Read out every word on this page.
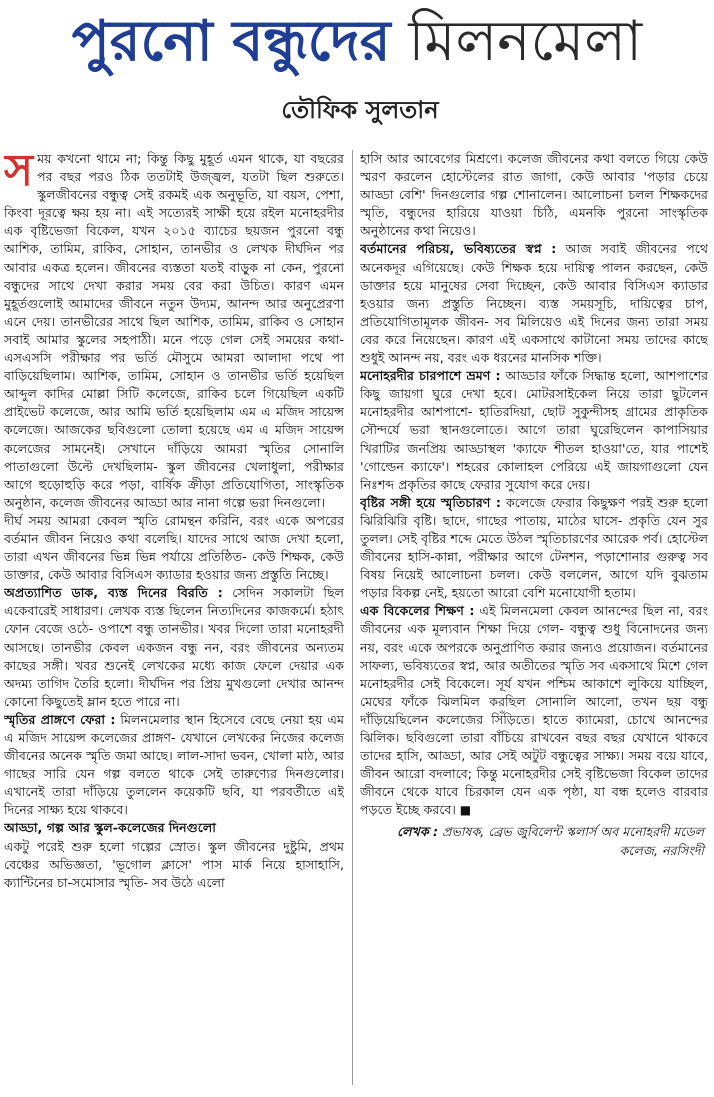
পুরনো বন্ধুদের মিলনমেলা
তৌফিক সুলতান

সময় কখনো থামে না; কিন্তু কিছু মুহূর্ত এমন থাকে, যা বছরের পর বছর পরও ঠিক ততটাই উজ্জ্বল, যতটা ছিল শুরুতে। স্কুলজীবনের বন্ধুত্ব সেই রকমই এক অনুভূতি, যা বয়স, পেশা, কিংবা দূরত্বে ক্ষয় হয় না। এই সত্যেরই সাক্ষী হয়ে রইল মনোহরদীর এক বৃষ্টিভেজা বিকেল, যখন ২০১৫ ব্যাচের ছয়জন পুরনো বন্ধু আশিক, তামিম, রাকিব, সোহান, তানভীর ও লেখক দীর্ঘদিন পর আবার একত্র হলেন। জীবনের ব্যস্ততা যতই বাড়ুক না কেন, পুরনো বন্ধুদের সাথে দেখা করার সময় বের করা উচিত। কারণ এমন মুহূর্তগুলোই আমাদের জীবনে নতুন উদ্যম, আনন্দ আর অনুপ্রেরণা এনে দেয়। তানভীরের সাথে ছিল আশিক, তামিম, রাকিব ও সোহান সবাই আমার স্কুলের সহপাঠী। মনে পড়ে গেল সেই সময়ের কথা- এসএসসি পরীক্ষার পর ভর্তি মৌসুমে আমরা আলাদা পথে পা বাড়িয়েছিলাম। আশিক, তামিম, সোহান ও তানভীর ভর্তি হয়েছিল আব্দুল কাদির মোল্লা সিটি কলেজে, রাকিব চলে গিয়েছিল একটি প্রাইভেট কলেজে, আর আমি ভর্তি হয়েছিলাম এম এ মজিদ সায়েন্স কলেজে। আজকের ছবিগুলো তোলা হয়েছে এম এ মজিদ সায়েন্স কলেজের সামনেই। সেখানে দাঁড়িয়ে আমরা স্মৃতির সোনালি পাতাগুলো উল্টে দেখছিলাম- স্কুল জীবনের খেলাধুলা, পরীক্ষার আগে হুড়োহুড়ি করে পড়া, বার্ষিক ক্রীড়া প্রতিযোগিতা, সাংস্কৃতিক অনুষ্ঠান, কলেজ জীবনের আড্ডা আর নানা গল্পে ভরা দিনগুলো।

দীর্ঘ সময় আমরা কেবল স্মৃতি রোমন্থন করিনি, বরং একে অপরের বর্তমান জীবন নিয়েও কথা বলেছি। যাদের সাথে আজ দেখা হলো, তারা এখন জীবনের ভিন্ন ভিন্ন পর্যায়ে প্রতিষ্ঠিত- কেউ শিক্ষক, কেউ ডাক্তার, কেউ আবার বিসিএস ক্যাডার হওয়ার জন্য প্রস্তুতি নিচ্ছে।

অপ্রত্যাশিত ডাক, ব্যস্ত দিনের বিরতি : সেদিন সকালটা ছিল একেবারেই সাধারণ। লেখক ব্যস্ত ছিলেন নিত্যদিনের কাজকর্মে। হঠাৎ ফোন বেজে ওঠে- ওপাশে বন্ধু তানভীর। খবর দিলো তারা মনোহরদী আসছে। তানভীর কেবল একজন বন্ধু নন, বরং জীবনের অন্যতম কাছের সঙ্গী। খবর শুনেই লেখকের মধ্যে কাজ ফেলে দেয়ার এক অদম্য তাগিদ তৈরি হলো। দীর্ঘদিন পর প্রিয় মুখগুলো দেখার আনন্দ কোনো কিছুতেই ম্লান হতে পারে না।

স্মৃতির প্রাঙ্গণে ফেরা : মিলনমেলার স্থান হিসেবে বেছে নেয়া হয় এম এ মজিদ সায়েন্স কলেজের প্রাঙ্গণ- যেখানে লেখকের নিজের কলেজ জীবনের অনেক স্মৃতি জমা আছে। লাল-সাদা ভবন, খোলা মাঠ, আর গাছের সারি যেন গল্প বলতে থাকে সেই তারুণ্যের দিনগুলোর। এখানেই তারা দাঁড়িয়ে তুললেন কয়েকটি ছবি, যা পরবর্তীতে এই দিনের সাক্ষ্য হয়ে থাকবে।

আড্ডা, গল্প আর স্কুল-কলেজের দিনগুলো

একটু পরেই শুরু হলো গল্পের স্রোত। স্কুল জীবনের দুষ্টুমি, প্রথম বেঞ্চের অভিজ্ঞতা, 'ভূগোল ক্লাসে' পাস মার্ক নিয়ে হাসাহাসি, ক্যান্টিনের চা-সমোসার স্মৃতি- সব উঠে এলো

হাসি আর আবেগের মিশ্রণে। কলেজ জীবনের কথা বলতে গিয়ে কেউ স্মরণ করলেন হোস্টেলের রাত জাগা, কেউ আবার 'পড়ার চেয়ে আড্ডা বেশি' দিনগুলোর গল্প শোনালেন। আলোচনা চলল শিক্ষকদের স্মৃতি, বন্ধুদের হারিয়ে যাওয়া চিঠি, এমনকি পুরনো সাংস্কৃতিক অনুষ্ঠানের কথা নিয়েও।

বর্তমানের পরিচয়, ভবিষ্যতের স্বপ্ন : আজ সবাই জীবনের পথে অনেকদূর এগিয়েছে। কেউ শিক্ষক হয়ে দায়িত্ব পালন করছেন, কেউ ডাক্তার হয়ে মানুষের সেবা দিচ্ছেন, কেউ আবার বিসিএস ক্যাডার হওয়ার জন্য প্রস্তুতি নিচ্ছেন। ব্যস্ত সময়সূচি, দায়িত্বের চাপ, প্রতিযোগিতামূলক জীবন- সব মিলিয়েও এই দিনের জন্য তারা সময় বের করে নিয়েছেন। কারণ এই একসাথে কাটানো সময় তাদের কাছে শুধুই আনন্দ নয়, বরং এক ধরনের মানসিক শক্তি।

মনোহরদীর চারপাশে ভ্রমণ : আড্ডার ফাঁকে সিদ্ধান্ত হলো, আশপাশের কিছু জায়গা ঘুরে দেখা হবে। মোটরসাইকেল নিয়ে তারা ছুটলেন মনোহরদীর আশপাশে- হাতিরদিয়া, ছোট সুকুন্দীসহ গ্রামের প্রাকৃতিক সৌন্দর্যে ভরা স্থানগুলোতে। আগে তারা ঘুরেছিলেন কাপাসিয়ার খিরাটির জনপ্রিয় আড্ডাস্থল 'ক্যাফে শীতল হাওয়া'তে, যার পাশেই 'গোল্ডেন ক্যাফে'। শহরের কোলাহল পেরিয়ে এই জায়গাগুলো যেন নিঃশব্দ প্রকৃতির কাছে ফেরার সুযোগ করে দেয়।

বৃষ্টির সঙ্গী হয়ে স্মৃতিচারণ : কলেজে ফেরার কিছুক্ষণ পরই শুরু হলো ঝিরিঝিরি বৃষ্টি। ছাদে, গাছের পাতায়, মাঠের ঘাসে- প্রকৃতি যেন সুর তুলল। সেই বৃষ্টির শব্দে মেতে উঠল স্মৃতিচারণের আরেক পর্ব। হোস্টেল জীবনের হাসি-কান্না, পরীক্ষার আগে টেনশন, পড়াশোনার গুরুত্ব সব বিষয় নিয়েই আলোচনা চলল। কেউ বললেন, আগে যদি বুঝতাম পড়ার বিকল্প নেই, হয়তো আরো বেশি মনোযোগী হতাম।

এক বিকেলের শিক্ষণ : এই মিলনমেলা কেবল আনন্দের ছিল না, বরং জীবনের এক মূল্যবান শিক্ষা দিয়ে গেল- বন্ধুত্ব শুধু বিনোদনের জন্য নয়, বরং একে অপরকে অনুপ্রাণিত করার জন্যও প্রয়োজন। বর্তমানের সাফল্য, ভবিষ্যতের স্বপ্ন, আর অতীতের স্মৃতি সব একসাথে মিশে গেল মনোহরদীর সেই বিকেলে। সূর্য যখন পশ্চিম আকাশে লুকিয়ে যাচ্ছিল, মেঘের ফাঁকে ঝিলমিল করছিল সোনালি আলো, তখন ছয় বন্ধু দাঁড়িয়েছিলেন কলেজের সিঁড়িতে। হাতে ক্যামেরা, চোখে আনন্দের ঝিলিক। ছবিগুলো তারা বাঁচিয়ে রাখবেন বছর বছর যেখানে থাকবে তাদের হাসি, আড্ডা, আর সেই অটুট বন্ধুত্বের সাক্ষ্য। সময় বয়ে যাবে, জীবন আরো বদলাবে; কিন্তু মনোহরদীর সেই বৃষ্টিভেজা বিকেল তাদের জীবনে থেকে যাবে চিরকাল যেন এক পৃষ্ঠা, যা বন্ধ হলেও বারবার পড়তে ইচ্ছে করবে। ■

লেখক : প্রভাষক, ব্রেভ জুবিলেন্ট স্কলার্স অব মনোহরদী মডেল কলেজ, নরসিংদী
